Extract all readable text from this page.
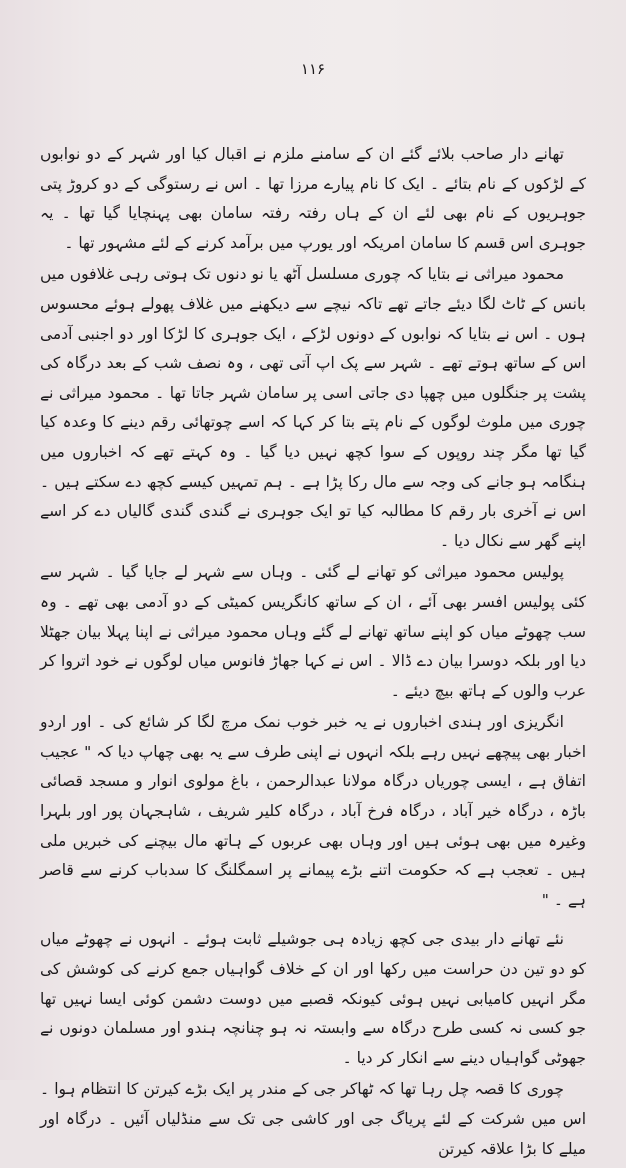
۱۱۶

تھانے دار صاحب بلائے گئے ان کے سامنے ملزم نے اقبال کیا اور شہر کے دو نوابوں کے لڑکوں کے نام بتائے ۔ ایک کا نام پیارے مرزا تھا ۔ اس نے رستوگی کے دو کروڑ پتی جوہریوں کے نام بھی لئے ان کے ہاں رفتہ رفتہ سامان بھی پہنچایا گیا تھا ۔ یہ جوہری اس قسم کا سامان امریکہ اور یورپ میں برآمد کرنے کے لئے مشہور تھا ۔

محمود میراثی نے بتایا کہ چوری مسلسل آٹھ یا نو دنوں تک ہوتی رہی غلافوں میں بانس کے ٹاٹ لگا دیئے جاتے تھے تاکہ نیچے سے دیکھنے میں غلاف پھولے ہوئے محسوس ہوں ۔ اس نے بتایا کہ نوابوں کے دونوں لڑکے ، ایک جوہری کا لڑکا اور دو اجنبی آدمی اس کے ساتھ ہوتے تھے ۔ شہر سے پک اپ آتی تھی ، وہ نصف شب کے بعد درگاہ کی پشت پر جنگلوں میں چھپا دی جاتی اسی پر سامان شہر جاتا تھا ۔ محمود میراثی نے چوری میں ملوث لوگوں کے نام پتے بتا کر کہا کہ اسے چوتھائی رقم دینے کا وعدہ کیا گیا تھا مگر چند روپوں کے سوا کچھ نہیں دیا گیا ۔ وہ کہتے تھے کہ اخباروں میں ہنگامہ ہو جانے کی وجہ سے مال رکا پڑا ہے ۔ ہم تمہیں کیسے کچھ دے سکتے ہیں ۔ اس نے آخری بار رقم کا مطالبہ کیا تو ایک جوہری نے گندی گندی گالیاں دے کر اسے اپنے گھر سے نکال دیا ۔

پولیس محمود میراثی کو تھانے لے گئی ۔ وہاں سے شہر لے جایا گیا ۔ شہر سے کئی پولیس افسر بھی آئے ، ان کے ساتھ کانگریس کمیٹی کے دو آدمی بھی تھے ۔ وہ سب چھوٹے میاں کو اپنے ساتھ تھانے لے گئے وہاں محمود میراثی نے اپنا پہلا بیان جھٹلا دیا اور بلکہ دوسرا بیان دے ڈالا ۔ اس نے کہا جھاڑ فانوس میاں لوگوں نے خود اتروا کر عرب والوں کے ہاتھ بیچ دیئے ۔

انگریزی اور ہندی اخباروں نے یہ خبر خوب نمک مرچ لگا کر شائع کی ۔ اور اردو اخبار بھی پیچھے نہیں رہے بلکہ انہوں نے اپنی طرف سے یہ بھی چھاپ دیا کہ " عجیب اتفاق ہے ، ایسی چوریاں درگاہ مولانا عبدالرحمن ، باغ مولوی انوار و مسجد قصائی باڑہ ، درگاہ خیر آباد ، درگاہ فرخ آباد ، درگاہ کلیر شریف ، شاہجہان پور اور بلہرا وغیرہ میں بھی ہوئی ہیں اور وہاں بھی عربوں کے ہاتھ مال بیچنے کی خبریں ملی ہیں ۔ تعجب ہے کہ حکومت اتنے بڑے پیمانے پر اسمگلنگ کا سدباب کرنے سے قاصر ہے ۔ "

نئے تھانے دار بیدی جی کچھ زیادہ ہی جوشیلے ثابت ہوئے ۔ انہوں نے چھوٹے میاں کو دو تین دن حراست میں رکھا اور ان کے خلاف گواہیاں جمع کرنے کی کوشش کی مگر انہیں کامیابی نہیں ہوئی کیونکہ قصبے میں دوست دشمن کوئی ایسا نہیں تھا جو کسی نہ کسی طرح درگاہ سے وابستہ نہ ہو چنانچہ ہندو اور مسلمان دونوں نے جھوٹی گواہیاں دینے سے انکار کر دیا ۔

چوری کا قصہ چل رہا تھا کہ ٹھاکر جی کے مندر پر ایک بڑے کیرتن کا انتظام ہوا ۔ اس میں شرکت کے لئے پریاگ جی اور کاشی جی تک سے منڈلیاں آئیں ۔ درگاہ اور میلے کا بڑا علاقہ کیرتن
